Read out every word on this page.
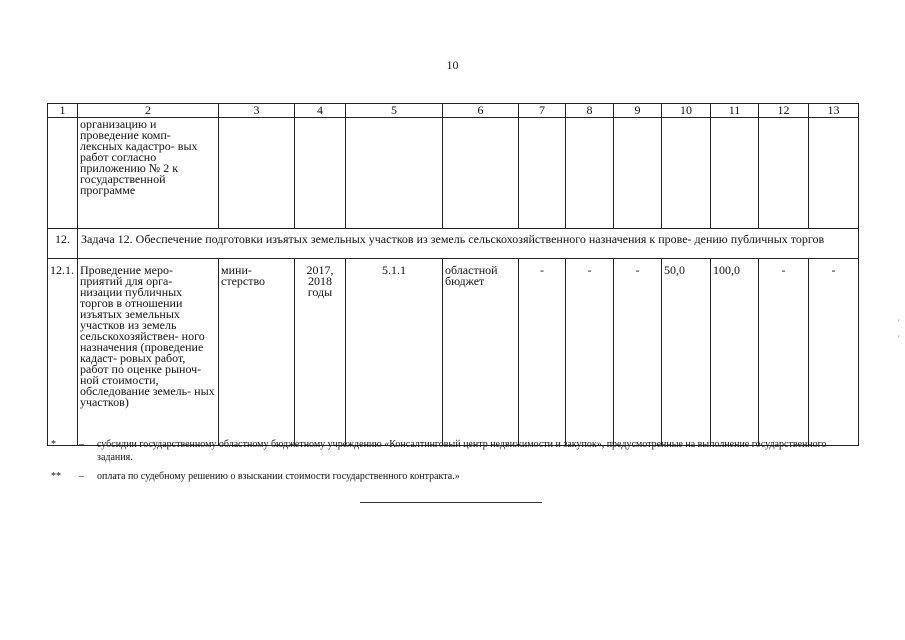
10
1	2	3	4	5	6	7	8	9	10	11	12	13
	организацию и проведение комп- лексных кадастро- вых работ согласно приложению № 2 к государственной программе											
12.	Задача 12. Обеспечение подготовки изъятых земельных участков из земель сельскохозяйственного назначения к прове- дению публичных торгов											
12.1.	Проведение меро- приятий для орга- низации публичных торгов в отношении изъятых земельных участков из земель сельскохозяйствен- ного назначения (проведение кадаст- ровых работ, работ по оценке рыноч- ной стоимости, обследование земель- ных участков)	мини- стерство	2017, 2018 годы	5.1.1	областной бюджет	-	-	-	50,0	100,0	-	-
* – субсидии государственному областному бюджетному учреждению «Консалтинговый центр недвижимости и закупок», предусмотренные на выполнение государственного задания.
** – оплата по судебному решению о взыскании стоимости государственного контракта.»
'
'
